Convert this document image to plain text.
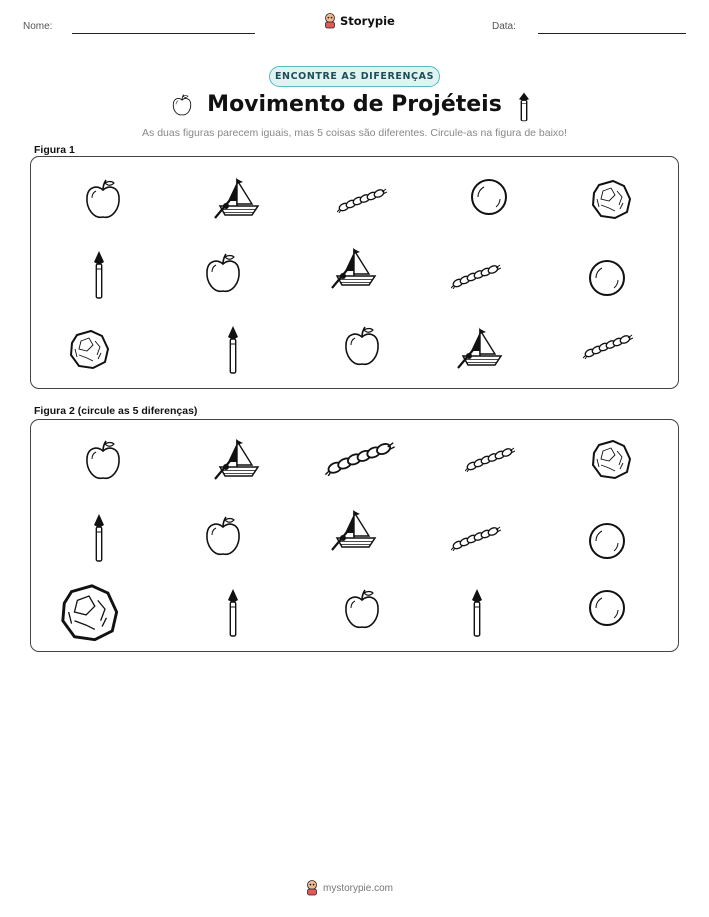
Nome:	Storypie	Data:
ENCONTRE AS DIFERENÇAS
Movimento de Projéteis
As duas figuras parecem iguais, mas 5 coisas são diferentes. Circule-as na figura de baixo!
Figura 1
Figura 2 (circule as 5 diferenças)
mystorypie.com
